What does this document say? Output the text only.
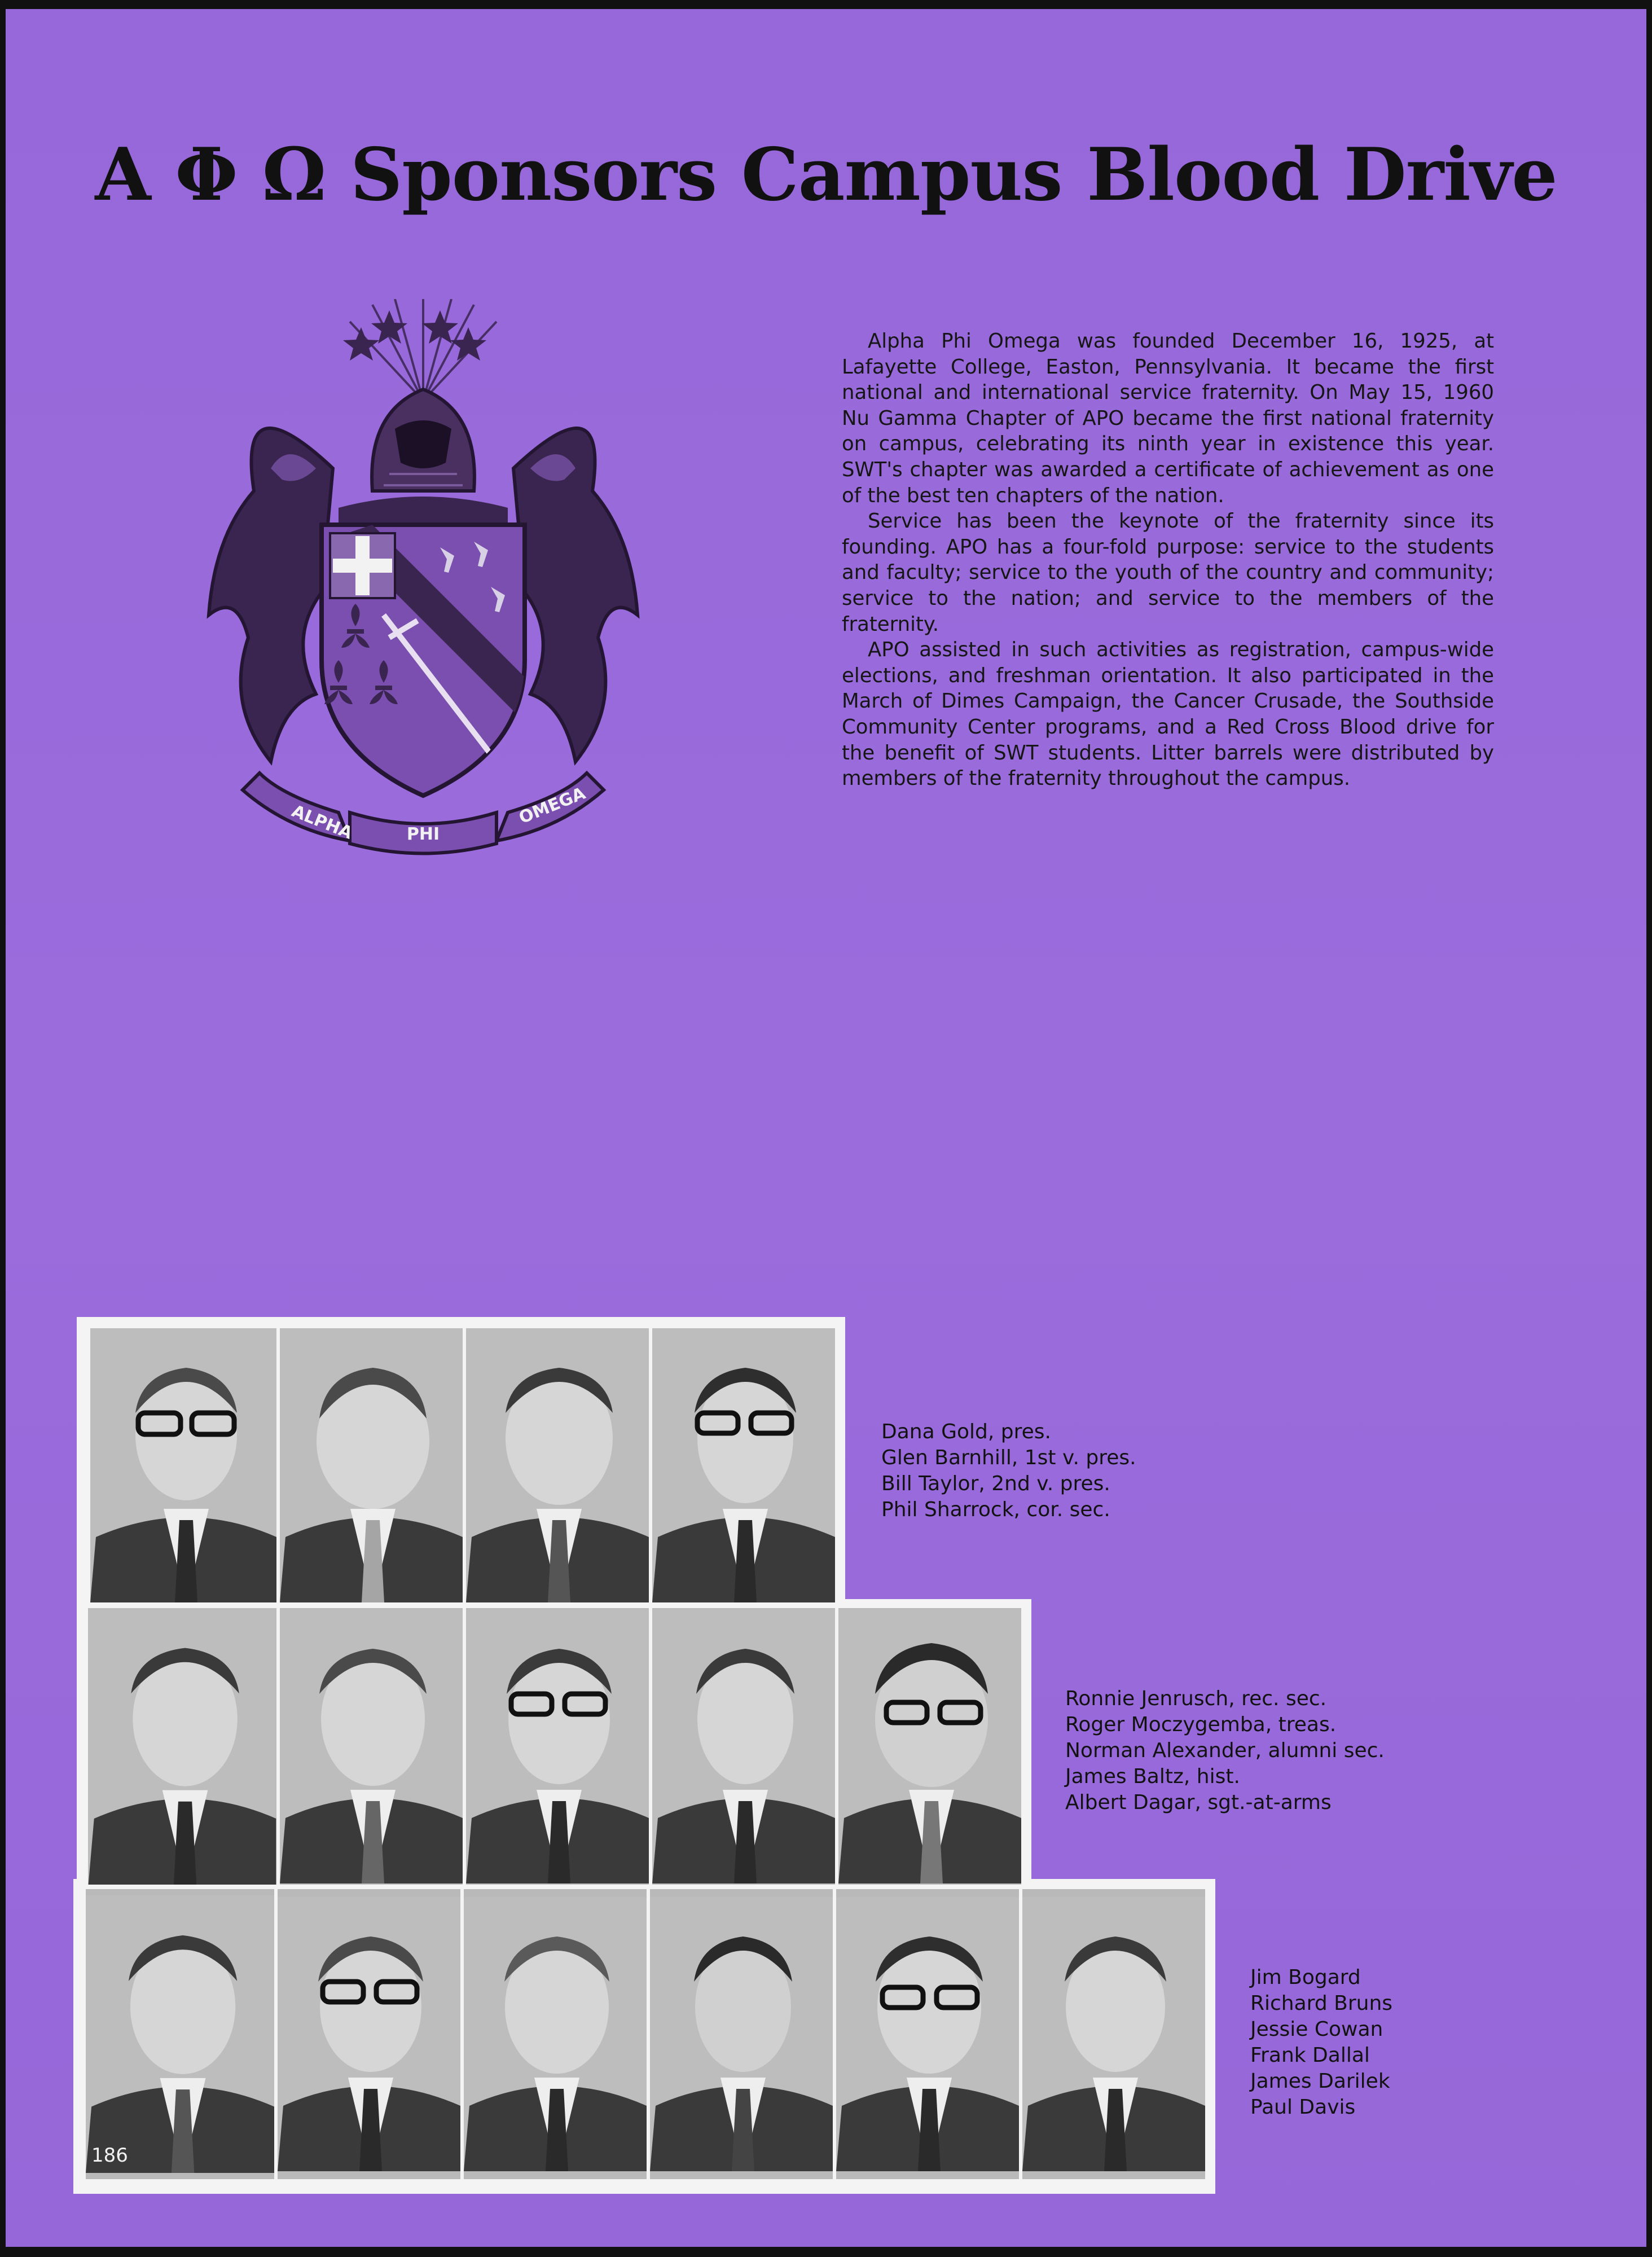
Α Φ Ω Sponsors Campus Blood Drive
ALPHA	PHI
OMEGA

Alpha Phi Omega was founded December 16, 1925, at Lafayette College, Easton, Pennsylvania. It became the first national and international service fraternity. On May 15, 1960 Nu Gamma Chapter of APO became the first national fraternity on campus, celebrating its ninth year in existence this year. SWT's chapter was awarded a certificate of achievement as one of the best ten chapters of the nation.

Service has been the keynote of the fraternity since its founding. APO has a four-fold purpose: service to the students and faculty; service to the youth of the country and community; service to the nation; and service to the members of the fraternity.

APO assisted in such activities as registration, campus-wide elections, and freshman orientation. It also participated in the March of Dimes Campaign, the Cancer Crusade, the Southside Community Center programs, and a Red Cross Blood drive for the benefit of SWT students. Litter barrels were distributed by members of the fraternity throughout the campus.

Dana Gold, pres.
Glen Barnhill, 1st v. pres.
Bill Taylor, 2nd v. pres.
Phil Sharrock, cor. sec.
Ronnie Jenrusch, rec. sec.
Roger Moczygemba, treas.
Norman Alexander, alumni sec.
James Baltz, hist.
Albert Dagar, sgt.-at-arms
Jim Bogard
Richard Bruns
Jessie Cowan
Frank Dallal
James Darilek
Paul Davis
186
